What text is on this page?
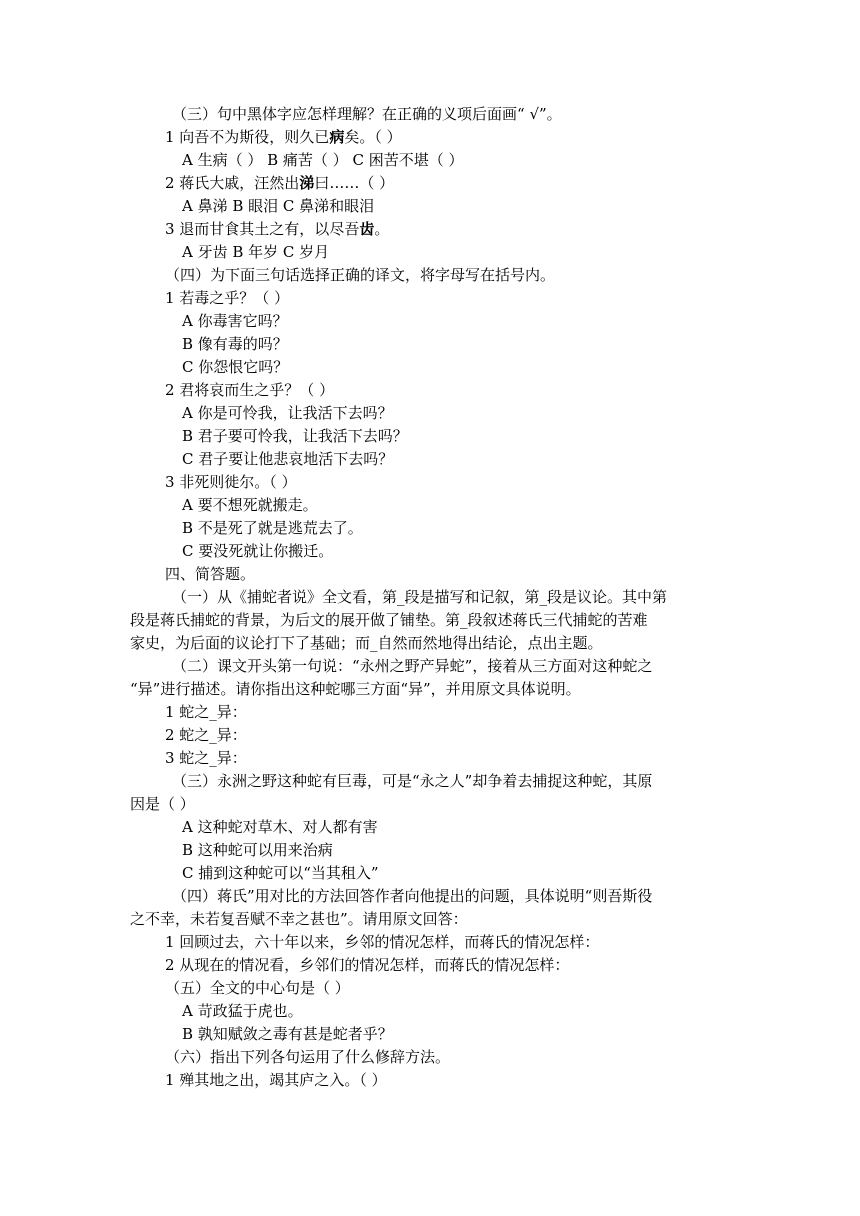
（三）句中黑体字应怎样理解？在正确的义项后面画“ √”。
1 向吾不为斯役，则久已病矣。（ ）
A 生病（ ） B 痛苦（ ） C 困苦不堪（ ）
2 蒋氏大戚，汪然出涕曰……（ ）
A 鼻涕 B 眼泪 C 鼻涕和眼泪
3 退而甘食其土之有，以尽吾齿。
A 牙齿 B 年岁 C 岁月
（四）为下面三句话选择正确的译文，将字母写在括号内。
1 若毒之乎？（ ）
A 你毒害它吗？
B 像有毒的吗？
C 你怨恨它吗？
2 君将哀而生之乎？（ ）
A 你是可怜我，让我活下去吗？
B 君子要可怜我，让我活下去吗？
C 君子要让他悲哀地活下去吗？
3 非死则徙尔。（ ）
A 要不想死就搬走。
B 不是死了就是逃荒去了。
C 要没死就让你搬迁。
四、简答题。
（一）从《捕蛇者说》全文看，第_段是描写和记叙，第_段是议论。其中第
段是蒋氏捕蛇的背景，为后文的展开做了铺垫。第_段叙述蒋氏三代捕蛇的苦难
家史，为后面的议论打下了基础；而_自然而然地得出结论，点出主题。
（二）课文开头第一句说：“永州之野产异蛇”，接着从三方面对这种蛇之
“异”进行描述。请你指出这种蛇哪三方面“异”，并用原文具体说明。
1 蛇之_异：
2 蛇之_异：
3 蛇之_异：
（三）永洲之野这种蛇有巨毒，可是“永之人”却争着去捕捉这种蛇，其原
因是（ ）
A 这种蛇对草木、对人都有害
B 这种蛇可以用来治病
C 捕到这种蛇可以“当其租入”
（四）蒋氏”用对比的方法回答作者向他提出的问题，具体说明“则吾斯役
之不幸，未若复吾赋不幸之甚也”。请用原文回答：
1 回顾过去，六十年以来，乡邻的情况怎样，而蒋氏的情况怎样：
2 从现在的情况看，乡邻们的情况怎样，而蒋氏的情况怎样：
（五）全文的中心句是（ ）
A 苛政猛于虎也。
B 孰知赋敛之毒有甚是蛇者乎？
（六）指出下列各句运用了什么修辞方法。
1 殚其地之出，竭其庐之入。（ ）
